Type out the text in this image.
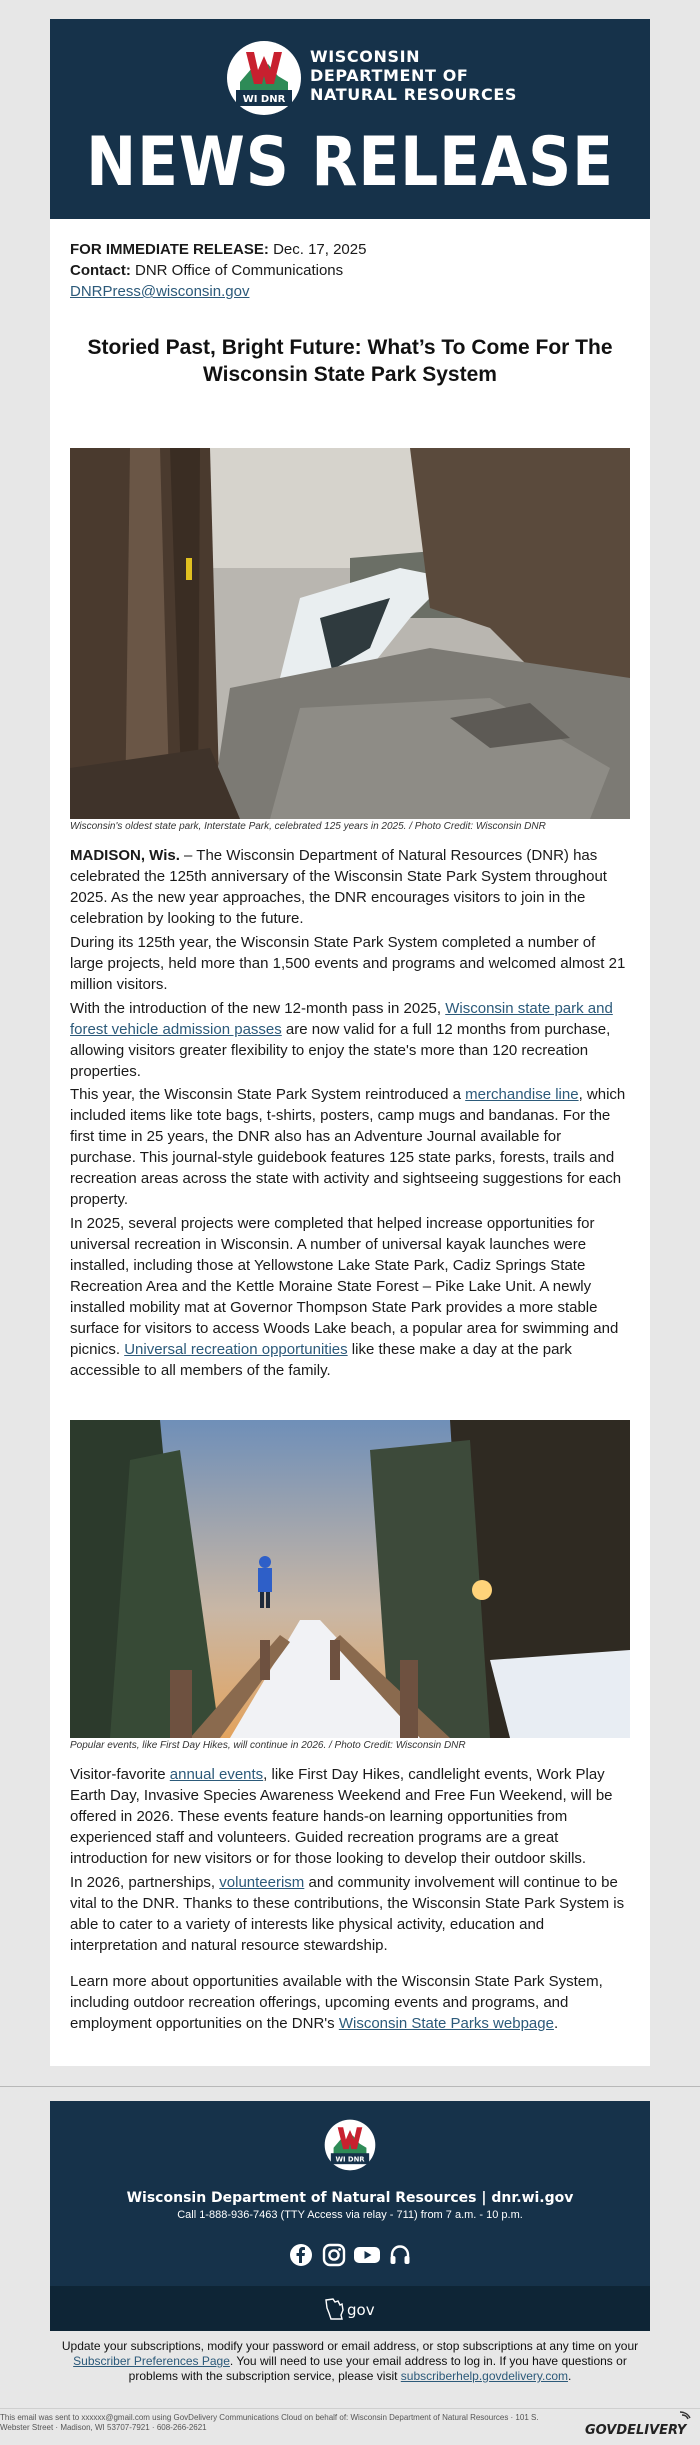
WI DNR
WISCONSIN
DEPARTMENT OF
NATURAL RESOURCES
NEWS RELEASE
FOR IMMEDIATE RELEASE: Dec. 17, 2025
Contact: DNR Office of Communications
DNRPress@wisconsin.gov
Storied Past, Bright Future: What’s To Come For The Wisconsin State Park System
Wisconsin's oldest state park, Interstate Park, celebrated 125 years in 2025. / Photo Credit: Wisconsin DNR
MADISON, Wis. – The Wisconsin Department of Natural Resources (DNR) has celebrated the 125th anniversary of the Wisconsin State Park System throughout 2025. As the new year approaches, the DNR encourages visitors to join in the celebration by looking to the future.
During its 125th year, the Wisconsin State Park System completed a number of large projects, held more than 1,500 events and programs and welcomed almost 21 million visitors.
With the introduction of the new 12-month pass in 2025, Wisconsin state park and forest vehicle admission passes are now valid for a full 12 months from purchase, allowing visitors greater flexibility to enjoy the state's more than 120 recreation properties.
This year, the Wisconsin State Park System reintroduced a merchandise line, which included items like tote bags, t-shirts, posters, camp mugs and bandanas. For the first time in 25 years, the DNR also has an Adventure Journal available for purchase. This journal-style guidebook features 125 state parks, forests, trails and recreation areas across the state with activity and sightseeing suggestions for each property.
In 2025, several projects were completed that helped increase opportunities for universal recreation in Wisconsin. A number of universal kayak launches were installed, including those at Yellowstone Lake State Park, Cadiz Springs State Recreation Area and the Kettle Moraine State Forest – Pike Lake Unit. A newly installed mobility mat at Governor Thompson State Park provides a more stable surface for visitors to access Woods Lake beach, a popular area for swimming and picnics. Universal recreation opportunities like these make a day at the park accessible to all members of the family.
Popular events, like First Day Hikes, will continue in 2026. / Photo Credit: Wisconsin DNR
Visitor-favorite annual events, like First Day Hikes, candlelight events, Work Play Earth Day, Invasive Species Awareness Weekend and Free Fun Weekend, will be offered in 2026. These events feature hands-on learning opportunities from experienced staff and volunteers. Guided recreation programs are a great introduction for new visitors or for those looking to develop their outdoor skills.
In 2026, partnerships, volunteerism and community involvement will continue to be vital to the DNR. Thanks to these contributions, the Wisconsin State Park System is able to cater to a variety of interests like physical activity, education and interpretation and natural resource stewardship.
Learn more about opportunities available with the Wisconsin State Park System, including outdoor recreation offerings, upcoming events and programs, and employment opportunities on the DNR's Wisconsin State Parks webpage.
WI DNR
Wisconsin Department of Natural Resources | dnr.wi.gov
Call 1-888-936-7463 (TTY Access via relay - 711) from 7 a.m. - 10 p.m.
gov
Update your subscriptions, modify your password or email address, or stop subscriptions at any time on your Subscriber Preferences Page. You will need to use your email address to log in. If you have questions or problems with the subscription service, please visit subscriberhelp.govdelivery.com.
This email was sent to xxxxxx@gmail.com using GovDelivery Communications Cloud on behalf of: Wisconsin Department of Natural Resources · 101 S. Webster Street · Madison, WI 53707-7921 · 608-266-2621	GOVDELIVERY
